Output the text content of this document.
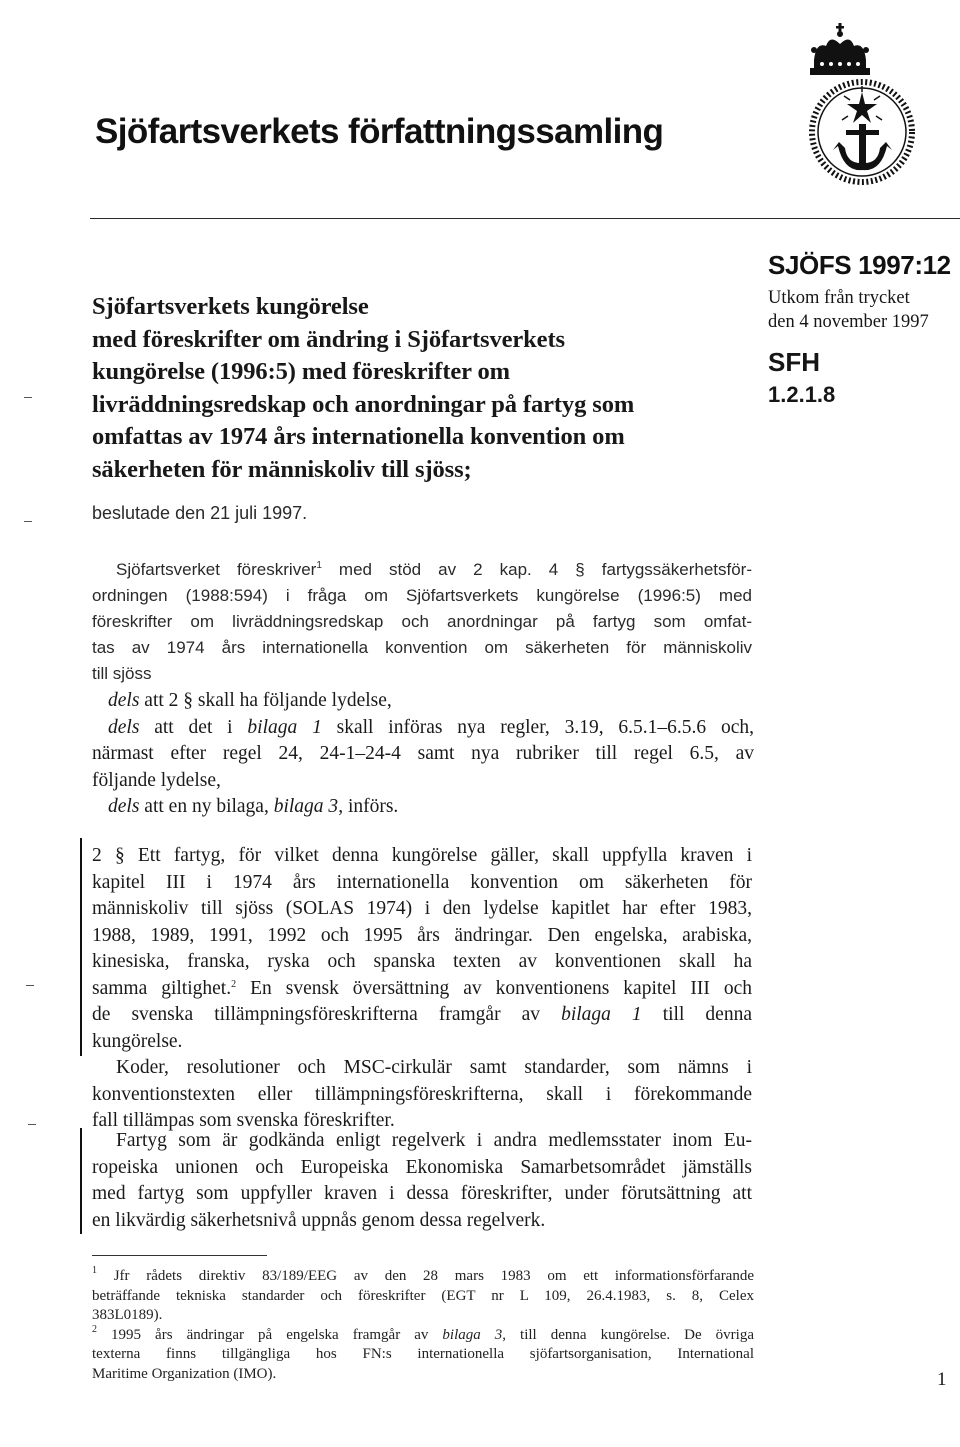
Sjöfartsverkets författningssamling
SJÖFS 1997:12
Utkom från trycket
den 4 november 1997
SFH
1.2.1.8
Sjöfartsverkets kungörelse
med föreskrifter om ändring i Sjöfartsverkets
kungörelse (1996:5) med föreskrifter om
livräddningsredskap och anordningar på fartyg som
omfattas av 1974 års internationella konvention om
säkerheten för människoliv till sjöss;
beslutade den 21 juli 1997.
Sjöfartsverket föreskriver$^1$ med stöd av 2 kap. 4 § fartygssäkerhetsför-
ordningen (1988:594) i fråga om Sjöfartsverkets kungörelse (1996:5) med
föreskrifter om livräddningsredskap och anordningar på fartyg som omfat-
tas av 1974 års internationella konvention om säkerheten för människoliv
till sjöss
dels att 2 § skall ha följande lydelse,
dels att det i bilaga 1 skall införas nya regler, 3.19, 6.5.1–6.5.6 och,
närmast efter regel 24, 24-1–24-4 samt nya rubriker till regel 6.5, av
följande lydelse,
dels att en ny bilaga, bilaga 3, införs.
2 § Ett fartyg, för vilket denna kungörelse gäller, skall uppfylla kraven i
kapitel III i 1974 års internationella konvention om säkerheten för
människoliv till sjöss (SOLAS 1974) i den lydelse kapitlet har efter 1983,
1988, 1989, 1991, 1992 och 1995 års ändringar. Den engelska, arabiska,
kinesiska, franska, ryska och spanska texten av konventionen skall ha
samma giltighet.$^2$ En svensk översättning av konventionens kapitel III och
de svenska tillämpningsföreskrifterna framgår av bilaga 1 till denna
kungörelse.
Koder, resolutioner och MSC-cirkulär samt standarder, som nämns i
konventionstexten eller tillämpningsföreskrifterna, skall i förekommande
fall tillämpas som svenska föreskrifter.
Fartyg som är godkända enligt regelverk i andra medlemsstater inom Eu-
ropeiska unionen och Europeiska Ekonomiska Samarbetsområdet jämställs
med fartyg som uppfyller kraven i dessa föreskrifter, under förutsättning att
en likvärdig säkerhetsnivå uppnås genom dessa regelverk.
$^1$ Jfr rådets direktiv 83/189/EEG av den 28 mars 1983 om ett informationsförfarande
beträffande tekniska standarder och föreskrifter (EGT nr L 109, 26.4.1983, s. 8, Celex
383L0189).
$^2$ 1995 års ändringar på engelska framgår av bilaga 3, till denna kungörelse. De övriga
texterna finns tillgängliga hos FN:s internationella sjöfartsorganisation, International
Maritime Organization (IMO).	1
